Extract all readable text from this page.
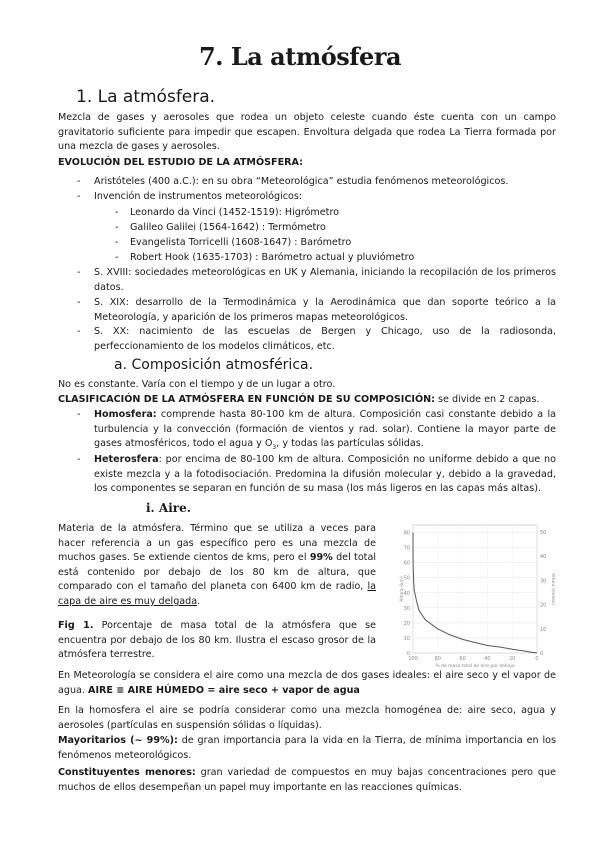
7. La atmósfera
1. La atmósfera.
Mezcla de gases y aerosoles que rodea un objeto celeste cuando éste cuenta con un campo gravitatorio suficiente para impedir que escapen. Envoltura delgada que rodea La Tierra formada por una mezcla de gases y aerosoles.
EVOLUCIÓN DEL ESTUDIO DE LA ATMÓSFERA:
- Aristóteles (400 a.C.): en su obra “Meteorológica” estudia fenómenos meteorológicos.
- Invención de instrumentos meteorológicos:
- Leonardo da Vinci (1452-1519): Higrómetro
- Galileo Galilei (1564-1642) : Termómetro
- Evangelista Torricelli (1608-1647) : Barómetro
- Robert Hook (1635-1703) : Barómetro actual y pluviómetro
- S. XVIII: sociedades meteorológicas en UK y Alemania, iniciando la recopilación de los primeros datos.
- S. XIX: desarrollo de la Termodinámica y la Aerodinámica que dan soporte teórico a la Meteorología, y aparición de los primeros mapas meteorológicos.
- S. XX: nacimiento de las escuelas de Bergen y Chicago, uso de la radiosonda, perfeccionamiento de los modelos climáticos, etc.
a. Composición atmosférica.
No es constante. Varía con el tiempo y de un lugar a otro.
CLASIFICACIÓN DE LA ATMÓSFERA EN FUNCIÓN DE SU COMPOSICIÓN: se divide en 2 capas.
- Homosfera: comprende hasta 80-100 km de altura. Composición casi constante debido a la turbulencia y la convección (formación de vientos y rad. solar). Contiene la mayor parte de gases atmosféricos, todo el agua y $O_3$, y todas las partículas sólidas.
- Heterosfera: por encima de 80-100 km de altura. Composición no uniforme debido a que no existe mezcla y a la fotodisociación. Predomina la difusión molecular y, debido a la gravedad, los componentes se separan en función de su masa (los más ligeros en las capas más altas).
i. Aire.
Materia de la atmósfera. Término que se utiliza a veces para hacer referencia a un gas específico pero es una mezcla de muchos gases. Se extiende cientos de kms, pero el 99% del total está contenido por debajo de los 80 km de altura, que comparado con el tamaño del planeta con 6400 km de radio, la capa de aire es muy delgada.
Fig 1. Porcentaje de masa total de la atmósfera que se encuentra por debajo de los 80 km. Ilustra el escaso grosor de la atmósfera terrestre.	0
10
20
30
40
50
60
70
80
0
10
20
30
40
50
100	80	60	40	20	0
% de masa total de aire por debajo
Altura (km)	Altura (millas)
En Meteorología se considera el aire como una mezcla de dos gases ideales: el aire seco y el vapor de agua. AIRE ≡ AIRE HÚMEDO = aire seco + vapor de agua
En la homosfera el aire se podría considerar como una mezcla homogénea de: aire seco, agua y aerosoles (partículas en suspensión sólidas o líquidas).
Mayoritarios (~ 99%): de gran importancia para la vida en la Tierra, de mínima importancia en los fenómenos meteorológicos.
Constituyentes menores: gran variedad de compuestos en muy bajas concentraciones pero que muchos de ellos desempeñan un papel muy importante en las reacciones químicas.
